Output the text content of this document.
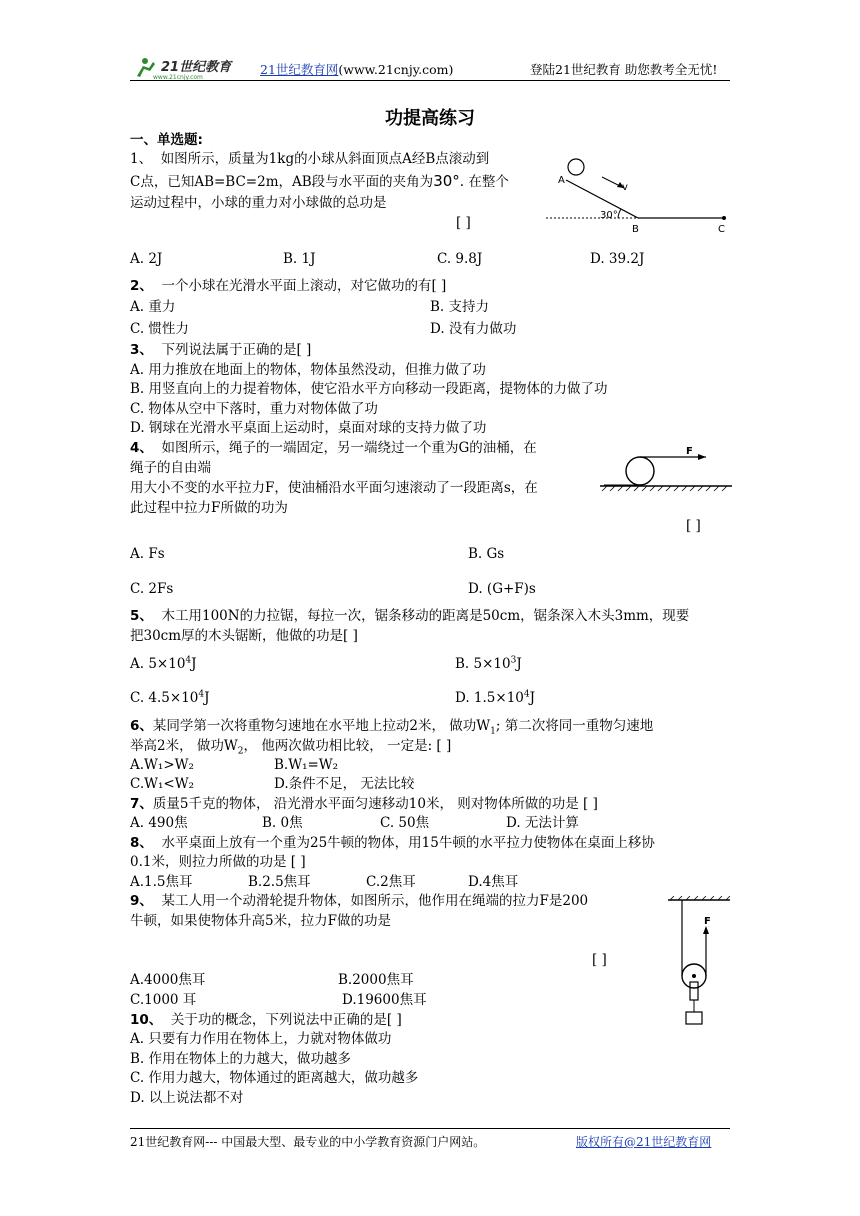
21世纪教育
www.21cnjy.com
21世纪教育网(www.21cnjy.com)	登陆21世纪教育 助您教考全无忧!
功提高练习
一、单选题:
1、 如图所示，质量为1kg的小球从斜面顶点A经B点滚动到
C点，已知AB=BC=2m，AB段与水平面的夹角为30°. 在整个
运动过程中，小球的重力对小球做的总功是
[ ]
A
v
30°
B	C
A. 2J	B. 1J	C. 9.8J	D. 39.2J
2、 一个小球在光滑水平面上滚动，对它做功的有[ ]
A. 重力	B. 支持力
C. 惯性力	D. 没有力做功
3、 下列说法属于正确的是[ ]
A. 用力推放在地面上的物体，物体虽然没动，但推力做了功
B. 用竖直向上的力提着物体，使它沿水平方向移动一段距离，提物体的力做了功
C. 物体从空中下落时，重力对物体做了功
D. 钢球在光滑水平桌面上运动时，桌面对球的支持力做了功
4、 如图所示，绳子的一端固定，另一端绕过一个重为G的油桶，在
绳子的自由端
用大小不变的水平拉力F，使油桶沿水平面匀速滚动了一段距离s，在
此过程中拉力F所做的功为
F
[ ]
A. Fs	B. Gs
C. 2Fs	D. (G+F)s
5、 木工用100N的力拉锯，每拉一次，锯条移动的距离是50cm，锯条深入木头3mm，现要
把30cm厚的木头锯断，他做的功是[ ]
A. $5\times 10^4J$	B. $5\times 10^3J$
C. $4.5\times 10^4J$	D. $1.5\times 10^4J$
6、某同学第一次将重物匀速地在水平地上拉动2米， 做功$W_1$; 第二次将同一重物匀速地
举高2米， 做功$W_2$， 他两次做功相比较， 一定是: [ ]
A.W₁>W₂	B.W₁=W₂
C.W₁<W₂	D.条件不足， 无法比较
7、质量5千克的物体， 沿光滑水平面匀速移动10米， 则对物体所做的功是 [ ]
A. 490焦	B. 0焦	C. 50焦	D. 无法计算
8、 水平桌面上放有一个重为25牛顿的物体，用15牛顿的水平拉力使物体在桌面上移协
0.1米，则拉力所做的功是 [ ]
A.1.5焦耳	B.2.5焦耳	C.2焦耳	D.4焦耳
9、 某工人用一个动滑轮提升物体，如图所示，他作用在绳端的拉力F是200
牛顿，如果使物体升高5米，拉力F做的功是
[ ]
F
A.4000焦耳	B.2000焦耳
C.1000 耳	D.19600焦耳
10、 关于功的概念，下列说法中正确的是[ ]
A. 只要有力作用在物体上，力就对物体做功
B. 作用在物体上的力越大，做功越多
C. 作用力越大，物体通过的距离越大，做功越多
D. 以上说法都不对
21世纪教育网--- 中国最大型、最专业的中小学教育资源门户网站。	版权所有@21世纪教育网
